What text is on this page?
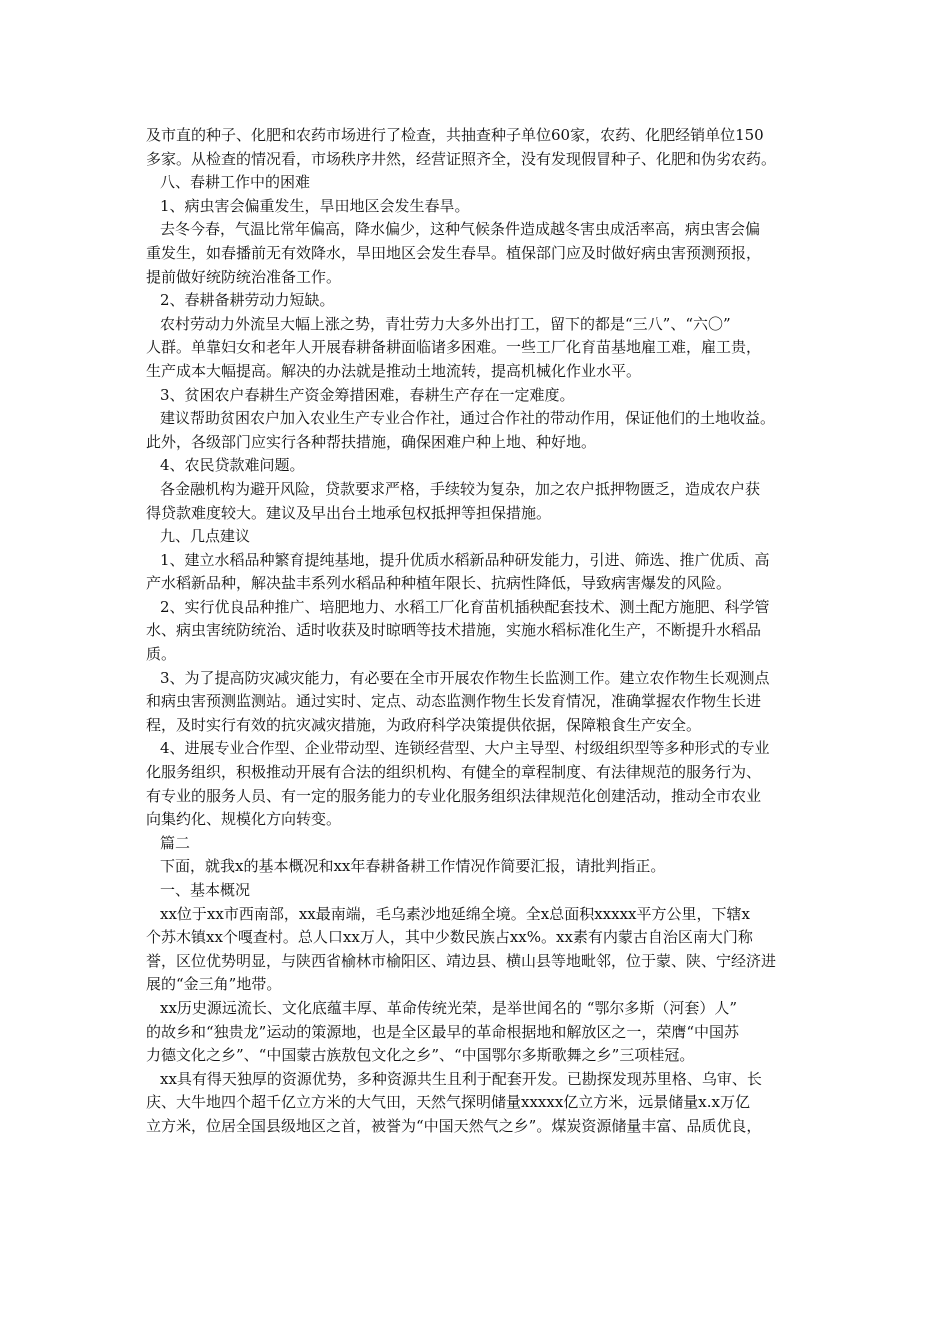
及市直的种子、化肥和农药市场进行了检查，共抽查种子单位60家，农药、化肥经销单位150

多家。从检查的情况看，市场秩序井然，经营证照齐全，没有发现假冒种子、化肥和伪劣农药。

八、春耕工作中的困难

1、病虫害会偏重发生，旱田地区会发生春旱。

去冬今春，气温比常年偏高，降水偏少，这种气候条件造成越冬害虫成活率高，病虫害会偏

重发生，如春播前无有效降水，旱田地区会发生春旱。植保部门应及时做好病虫害预测预报，

提前做好统防统治准备工作。

2、春耕备耕劳动力短缺。

农村劳动力外流呈大幅上涨之势，青壮劳力大多外出打工，留下的都是“三八”、“六〇”

人群。单靠妇女和老年人开展春耕备耕面临诸多困难。一些工厂化育苗基地雇工难，雇工贵，

生产成本大幅提高。解决的办法就是推动土地流转，提高机械化作业水平。

3、贫困农户春耕生产资金筹措困难，春耕生产存在一定难度。

建议帮助贫困农户加入农业生产专业合作社，通过合作社的带动作用，保证他们的土地收益。

此外，各级部门应实行各种帮扶措施，确保困难户种上地、种好地。

4、农民贷款难问题。

各金融机构为避开风险，贷款要求严格，手续较为复杂，加之农户抵押物匮乏，造成农户获

得贷款难度较大。建议及早出台土地承包权抵押等担保措施。

九、几点建议

1、建立水稻品种繁育提纯基地，提升优质水稻新品种研发能力，引进、筛选、推广优质、高

产水稻新品种，解决盐丰系列水稻品种种植年限长、抗病性降低，导致病害爆发的风险。

2、实行优良品种推广、培肥地力、水稻工厂化育苗机插秧配套技术、测土配方施肥、科学管

水、病虫害统防统治、适时收获及时晾晒等技术措施，实施水稻标准化生产，不断提升水稻品

质。

3、为了提高防灾减灾能力，有必要在全市开展农作物生长监测工作。建立农作物生长观测点

和病虫害预测监测站。通过实时、定点、动态监测作物生长发育情况，准确掌握农作物生长进

程，及时实行有效的抗灾减灾措施，为政府科学决策提供依据，保障粮食生产安全。

4、进展专业合作型、企业带动型、连锁经营型、大户主导型、村级组织型等多种形式的专业

化服务组织，积极推动开展有合法的组织机构、有健全的章程制度、有法律规范的服务行为、

有专业的服务人员、有一定的服务能力的专业化服务组织法律规范化创建活动，推动全市农业

向集约化、规模化方向转变。

篇二

下面，就我x的基本概况和xx年春耕备耕工作情况作简要汇报，请批判指正。

一、基本概况

xx位于xx市西南部，xx最南端，毛乌素沙地延绵全境。全x总面积xxxxx平方公里，下辖x

个苏木镇xx个嘎查村。总人口xx万人，其中少数民族占xx%。xx素有内蒙古自治区南大门称

誉，区位优势明显，与陕西省榆林市榆阳区、靖边县、横山县等地毗邻，位于蒙、陕、宁经济进

展的“金三角”地带。

xx历史源远流长、文化底蕴丰厚、革命传统光荣，是举世闻名的 “鄂尔多斯（河套）人”

的故乡和“独贵龙”运动的策源地，也是全区最早的革命根据地和解放区之一，荣膺“中国苏

力德文化之乡”、“中国蒙古族敖包文化之乡”、“中国鄂尔多斯歌舞之乡”三项桂冠。

xx具有得天独厚的资源优势，多种资源共生且利于配套开发。已勘探发现苏里格、乌审、长

庆、大牛地四个超千亿立方米的大气田，天然气探明储量xxxxx亿立方米，远景储量x.x万亿

立方米，位居全国县级地区之首，被誉为“中国天然气之乡”。煤炭资源储量丰富、品质优良，
